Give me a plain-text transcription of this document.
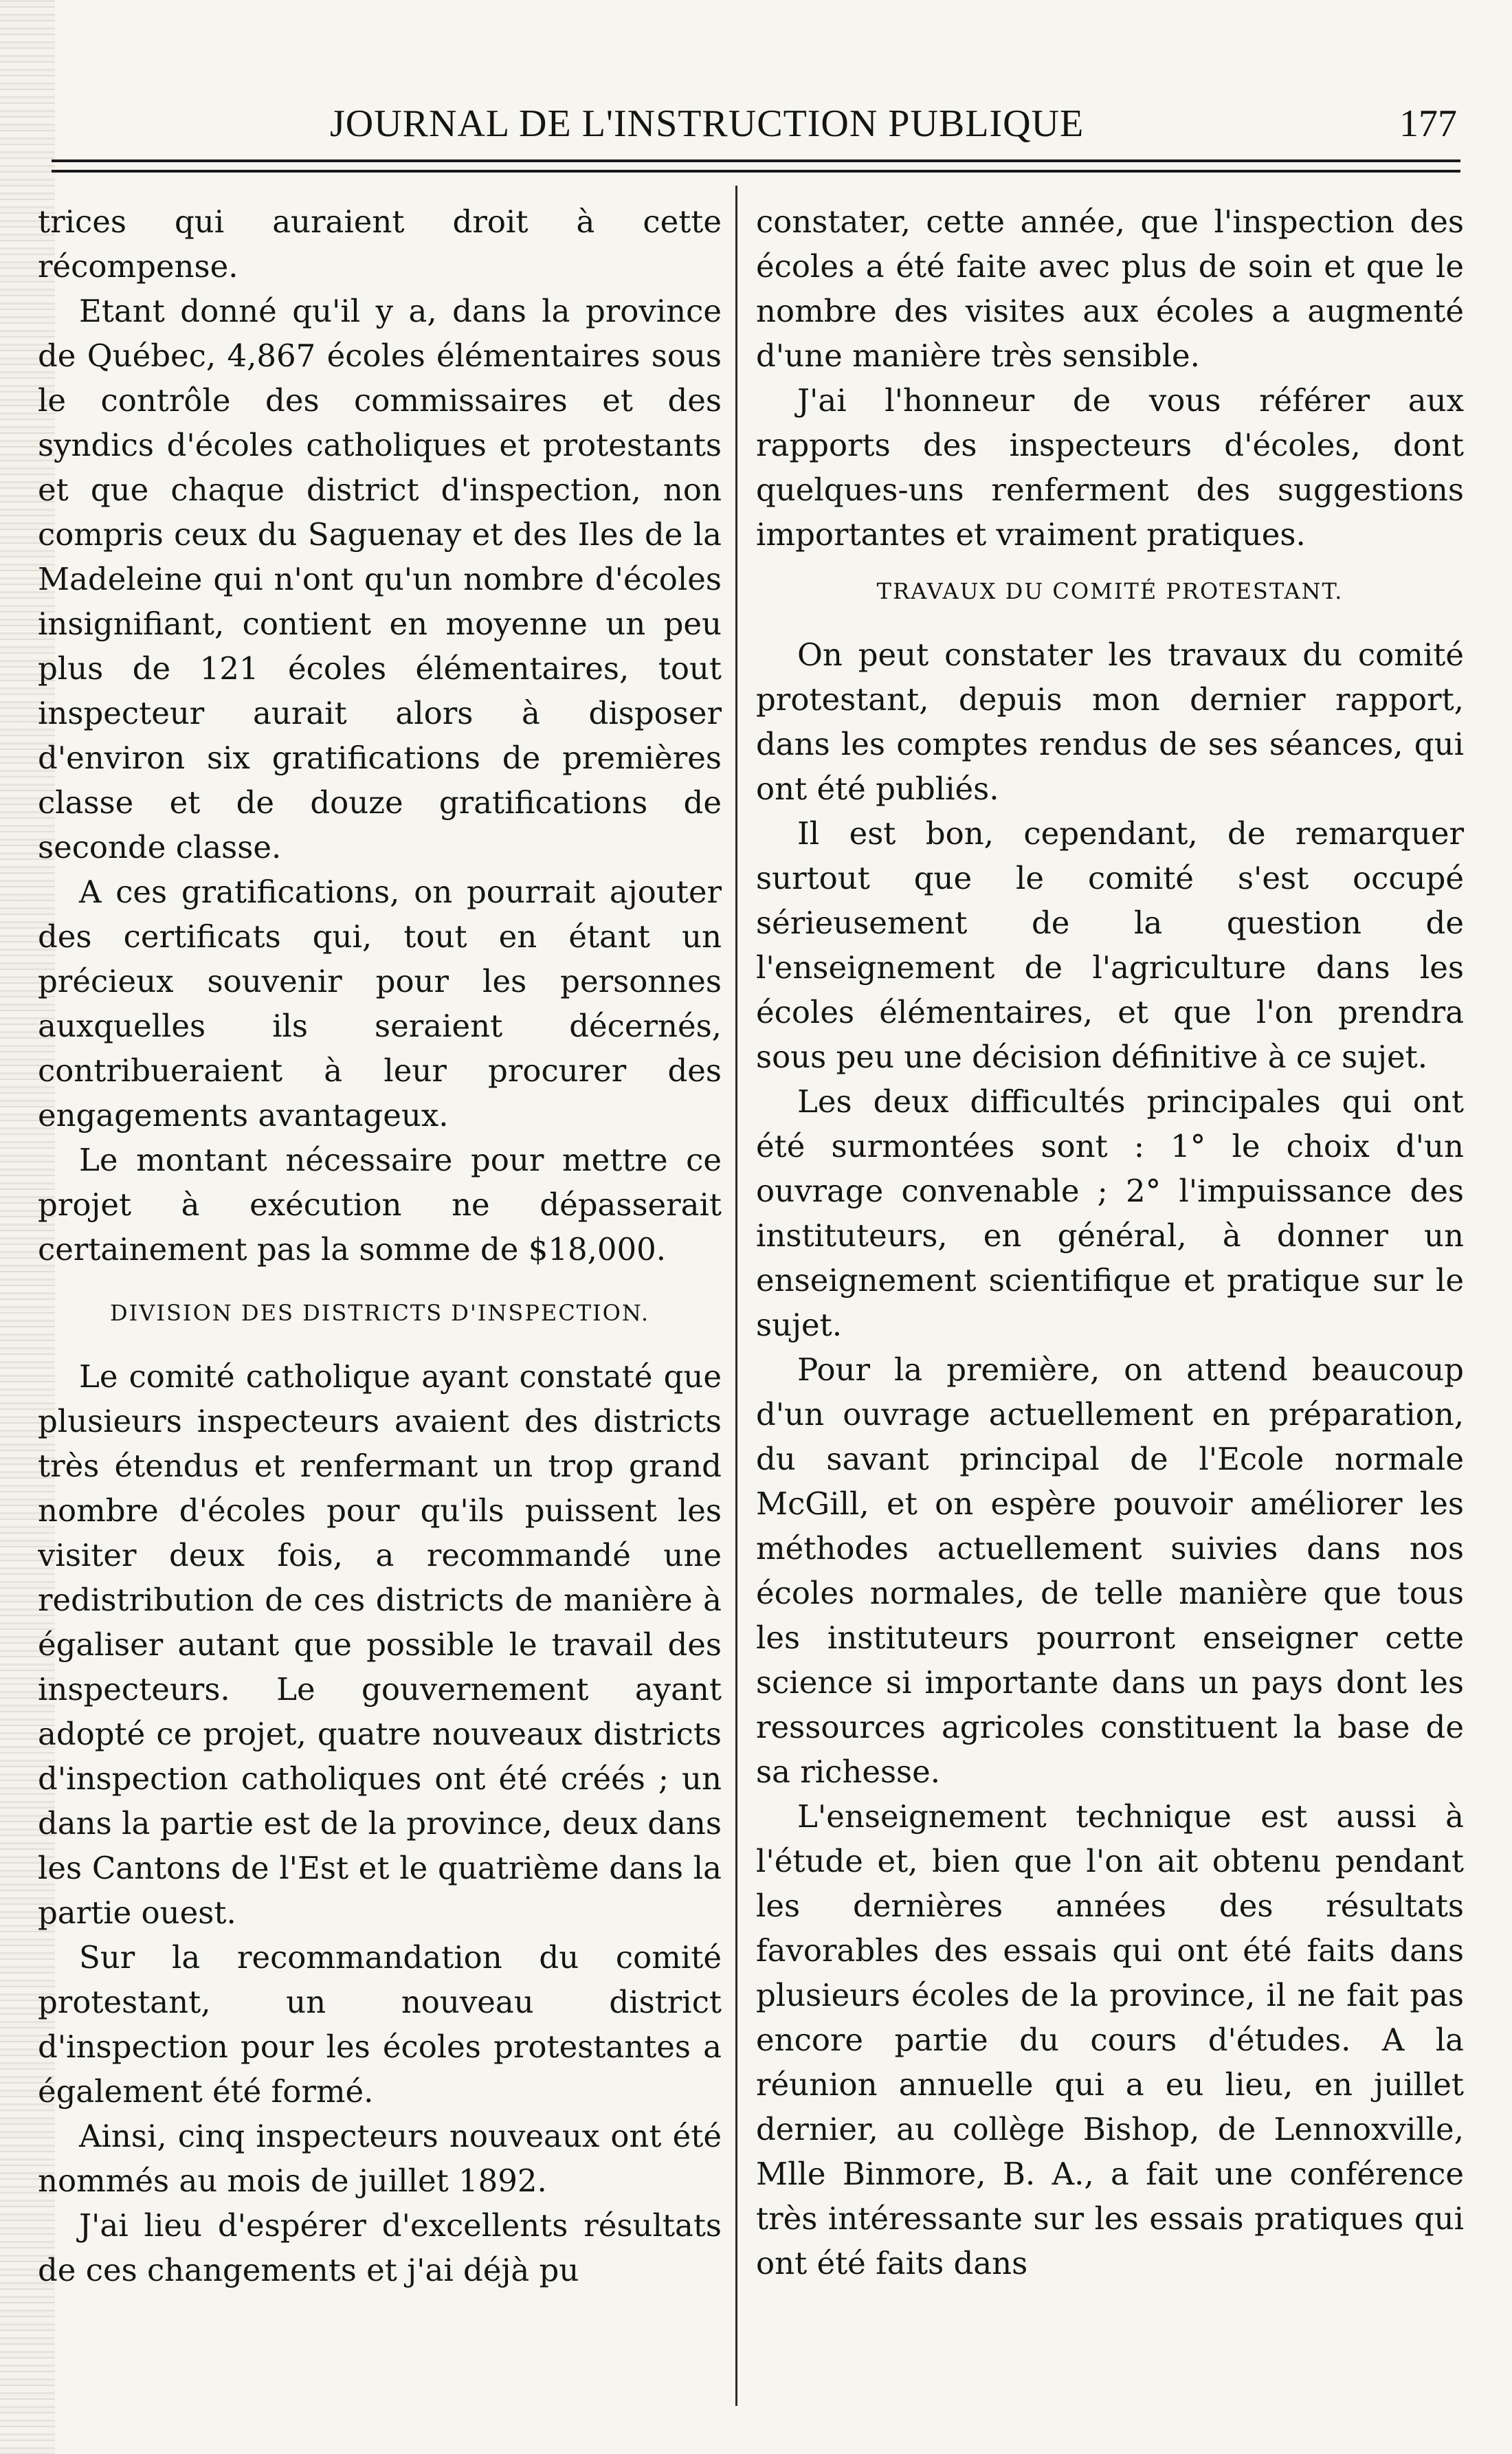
JOURNAL DE L'INSTRUCTION PUBLIQUE	177

trices qui auraient droit à cette récompense.

Etant donné qu'il y a, dans la province de Québec, 4,867 écoles élémentaires sous le contrôle des commissaires et des syndics d'écoles catholiques et protestants et que chaque district d'inspection, non compris ceux du Saguenay et des Iles de la Madeleine qui n'ont qu'un nombre d'écoles insignifiant, contient en moyenne un peu plus de 121 écoles élémentaires, tout inspecteur aurait alors à disposer d'environ six gratifications de premières classe et de douze gratifications de seconde classe.

A ces gratifications, on pourrait ajouter des certificats qui, tout en étant un précieux souvenir pour les personnes auxquelles ils seraient décernés, contribueraient à leur procurer des engagements avantageux.

Le montant nécessaire pour mettre ce projet à exécution ne dépasserait certainement pas la somme de $18,000.

DIVISION DES DISTRICTS D'INSPECTION.

Le comité catholique ayant constaté que plusieurs inspecteurs avaient des districts très étendus et renfermant un trop grand nombre d'écoles pour qu'ils puissent les visiter deux fois, a recommandé une redistribution de ces districts de manière à égaliser autant que possible le travail des inspecteurs. Le gouvernement ayant adopté ce projet, quatre nouveaux districts d'inspection catholiques ont été créés ; un dans la partie est de la province, deux dans les Cantons de l'Est et le quatrième dans la partie ouest.

Sur la recommandation du comité protestant, un nouveau district d'inspection pour les écoles protestantes a également été formé.

Ainsi, cinq inspecteurs nouveaux ont été nommés au mois de juillet 1892.

J'ai lieu d'espérer d'excellents résultats de ces changements et j'ai déjà pu

constater, cette année, que l'inspection des écoles a été faite avec plus de soin et que le nombre des visites aux écoles a augmenté d'une manière très sensible.

J'ai l'honneur de vous référer aux rapports des inspecteurs d'écoles, dont quelques-uns renferment des suggestions importantes et vraiment pratiques.

TRAVAUX DU COMITÉ PROTESTANT.

On peut constater les travaux du comité protestant, depuis mon dernier rapport, dans les comptes rendus de ses séances, qui ont été publiés.

Il est bon, cependant, de remarquer surtout que le comité s'est occupé sérieusement de la question de l'enseignement de l'agriculture dans les écoles élémentaires, et que l'on prendra sous peu une décision définitive à ce sujet.

Les deux difficultés principales qui ont été surmontées sont : 1° le choix d'un ouvrage convenable ; 2° l'impuissance des instituteurs, en général, à donner un enseignement scientifique et pratique sur le sujet.

Pour la première, on attend beaucoup d'un ouvrage actuellement en préparation, du savant principal de l'Ecole normale McGill, et on espère pouvoir améliorer les méthodes actuellement suivies dans nos écoles normales, de telle manière que tous les instituteurs pourront enseigner cette science si importante dans un pays dont les ressources agricoles constituent la base de sa richesse.

L'enseignement technique est aussi à l'étude et, bien que l'on ait obtenu pendant les dernières années des résultats favorables des essais qui ont été faits dans plusieurs écoles de la province, il ne fait pas encore partie du cours d'études. A la réunion annuelle qui a eu lieu, en juillet dernier, au collège Bishop, de Lennoxville, Mlle Binmore, B. A., a fait une conférence très intéressante sur les essais pratiques qui ont été faits dans
